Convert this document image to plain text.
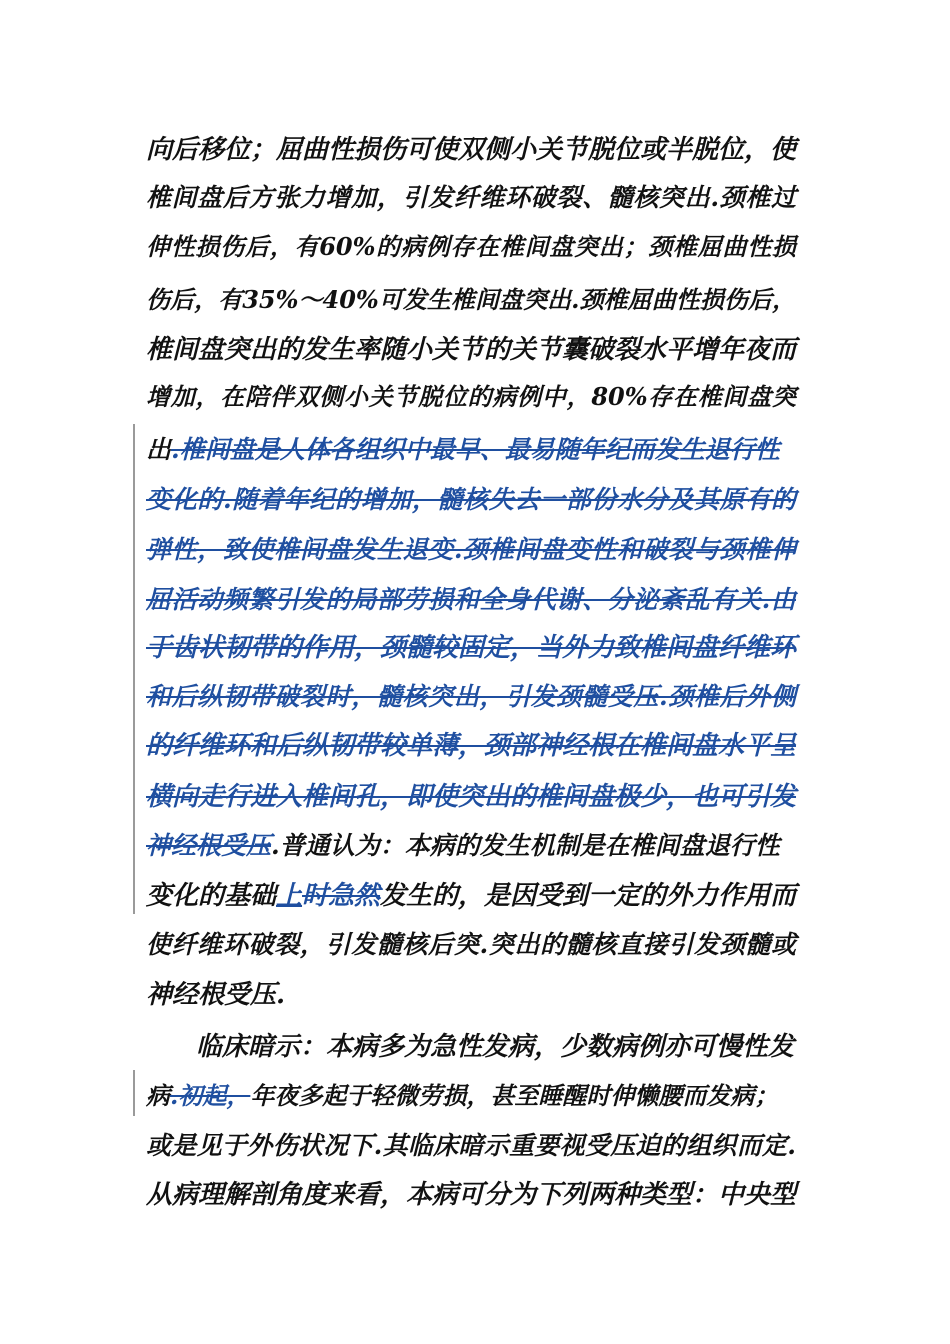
向后移位；屈曲性损伤可使双侧小关节脱位或半脱位，使
椎间盘后方张力增加，引发纤维环破裂、髓核突出.颈椎过
伸性损伤后，有60%的病例存在椎间盘突出；颈椎屈曲性损
伤后，有35%～40%可发生椎间盘突出.颈椎屈曲性损伤后，
椎间盘突出的发生率随小关节的关节囊破裂水平增年夜而
增加，在陪伴双侧小关节脱位的病例中，80%存在椎间盘突
出.椎间盘是人体各组织中最早、最易随年纪而发生退行性
变化的.随着年纪的增加，髓核失去一部份水分及其原有的
弹性，致使椎间盘发生退变.颈椎间盘变性和破裂与颈椎伸
屈活动频繁引发的局部劳损和全身代谢、分泌紊乱有关.由
于齿状韧带的作用，颈髓较固定，当外力致椎间盘纤维环
和后纵韧带破裂时，髓核突出，引发颈髓受压.颈椎后外侧
的纤维环和后纵韧带较单薄，颈部神经根在椎间盘水平呈
横向走行进入椎间孔，即使突出的椎间盘极少，也可引发
神经根受压.普通认为：本病的发生机制是在椎间盘退行性
变化的基础上时急然发生的，是因受到一定的外力作用而
使纤维环破裂，引发髓核后突.突出的髓核直接引发颈髓或
神经根受压.
临床暗示：本病多为急性发病，少数病例亦可慢性发
病.初起，年夜多起于轻微劳损，甚至睡醒时伸懒腰而发病；
或是见于外伤状况下.其临床暗示重要视受压迫的组织而定.
从病理解剖角度来看，本病可分为下列两种类型：中央型
